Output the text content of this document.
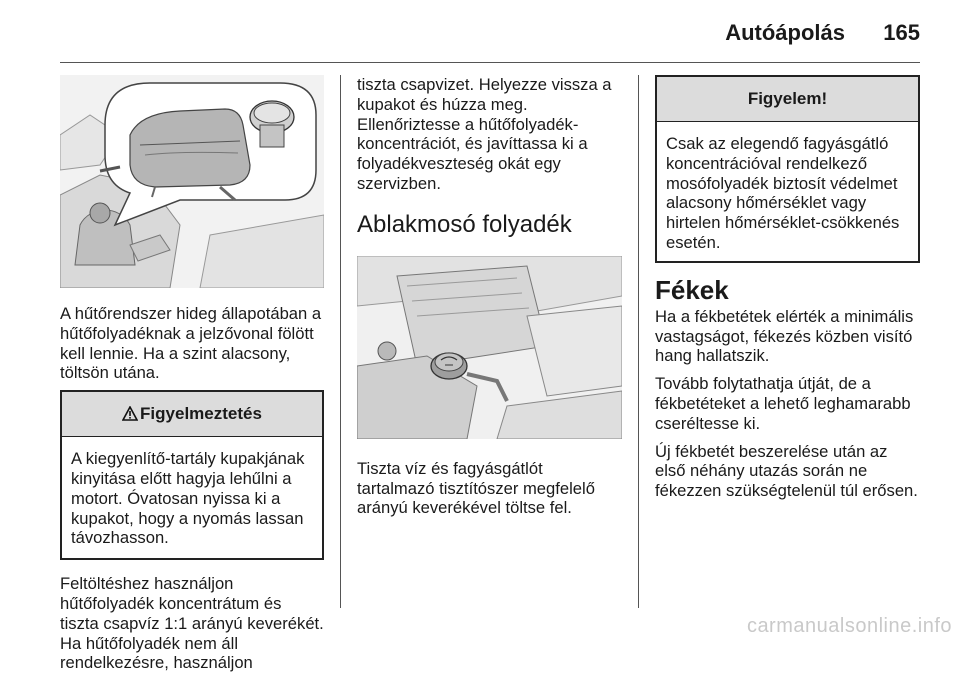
Autóápolás	165

A hűtőrendszer hideg állapotában a hűtőfolyadéknak a jelzővonal fölött kell lennie. Ha a szint alacsony, töltsön utána.

Figyelmeztetés

A kiegyenlítő-tartály kupakjának kinyitása előtt hagyja lehűlni a motort. Óvatosan nyissa ki a kupakot, hogy a nyomás lassan távozhasson.

Feltöltéshez használjon hűtőfolyadék koncentrátum és tiszta csapvíz 1:1 arányú keverékét. Ha hűtőfolyadék nem áll rendelkezésre, használjon

tiszta csapvizet. Helyezze vissza a kupakot és húzza meg.

Ellenőriztesse a hűtőfolyadék-koncentrációt, és javíttassa ki a folyadékveszteség okát egy szervizben.

Ablakmosó folyadék

Tiszta víz és fagyásgátlót tartalmazó tisztítószer megfelelő arányú keverékével töltse fel.

Figyelem!

Csak az elegendő fagyásgátló koncentrációval rendelkező mosófolyadék biztosít védelmet alacsony hőmérséklet vagy hirtelen hőmérséklet-csökkenés esetén.

Fékek

Ha a fékbetétek elérték a minimális vastagságot, fékezés közben visító hang hallatszik.

Tovább folytathatja útját, de a fékbetéteket a lehető leghamarabb cseréltesse ki.

Új fékbetét beszerelése után az első néhány utazás során ne fékezzen szükségtelenül túl erősen.

carmanualsonline.info
